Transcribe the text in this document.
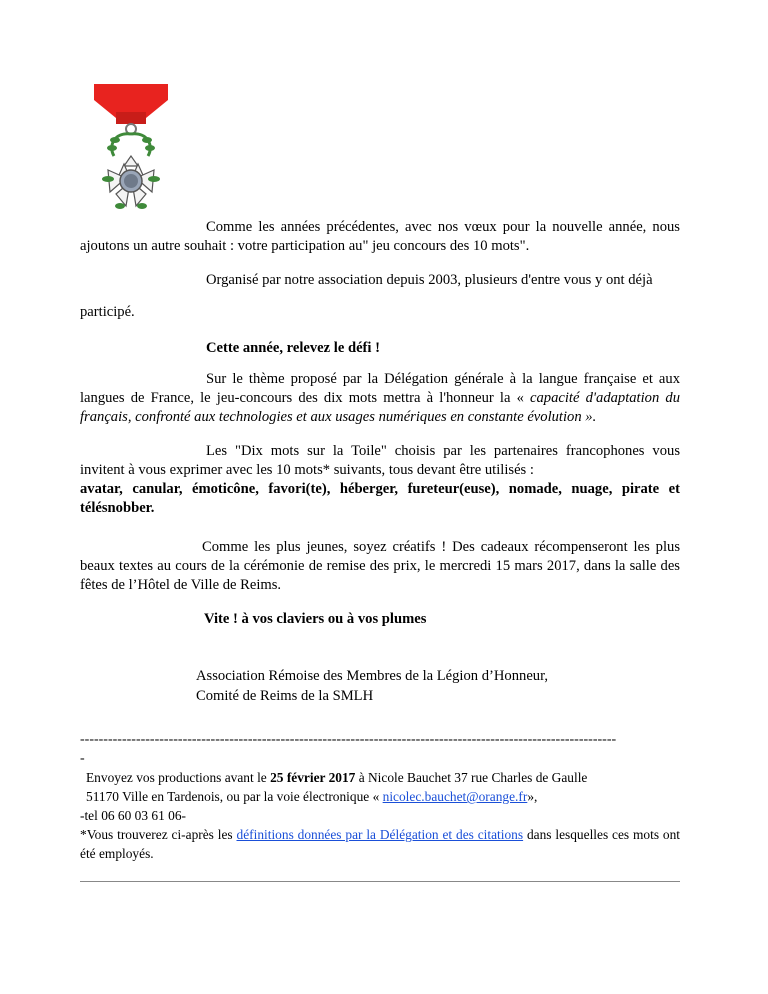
Comme les années précédentes, avec nos vœux pour la nouvelle année, nous ajoutons un autre souhait : votre participation au" jeu concours des 10 mots".
Organisé par notre association depuis 2003, plusieurs d'entre vous y ont déjà
participé.
Cette année, relevez le défi !
Sur le thème proposé par la Délégation générale à la langue française et aux langues de France, le jeu-concours des dix mots mettra à l'honneur la « capacité d'adaptation du français, confronté aux technologies et aux usages numériques en constante évolution ».
Les "Dix mots sur la Toile" choisis par les partenaires francophones vous invitent à vous exprimer avec les 10 mots* suivants, tous devant être utilisés :
avatar, canular, émoticône, favori(te), héberger, fureteur(euse), nomade, nuage, pirate et télésnobber.
Comme les plus jeunes, soyez créatifs ! Des cadeaux récompenseront les plus beaux textes au cours de la cérémonie de remise des prix, le mercredi 15 mars 2017, dans la salle des fêtes de l’Hôtel de Ville de Reims.
Vite ! à vos claviers ou à vos plumes
Association Rémoise des Membres de la Légion d’Honneur,
Comité de Reims de la SMLH
-------------------------------------------------------------------------------------------------------------------
-
Envoyez vos productions avant le 25 février 2017 à Nicole Bauchet 37 rue Charles de Gaulle
51170 Ville en Tardenois, ou par la voie électronique « nicolec.bauchet@orange.fr»,
-tel 06 60 03 61 06-
*Vous trouverez ci-après les définitions données par la Délégation et des citations dans lesquelles ces mots ont été employés.
